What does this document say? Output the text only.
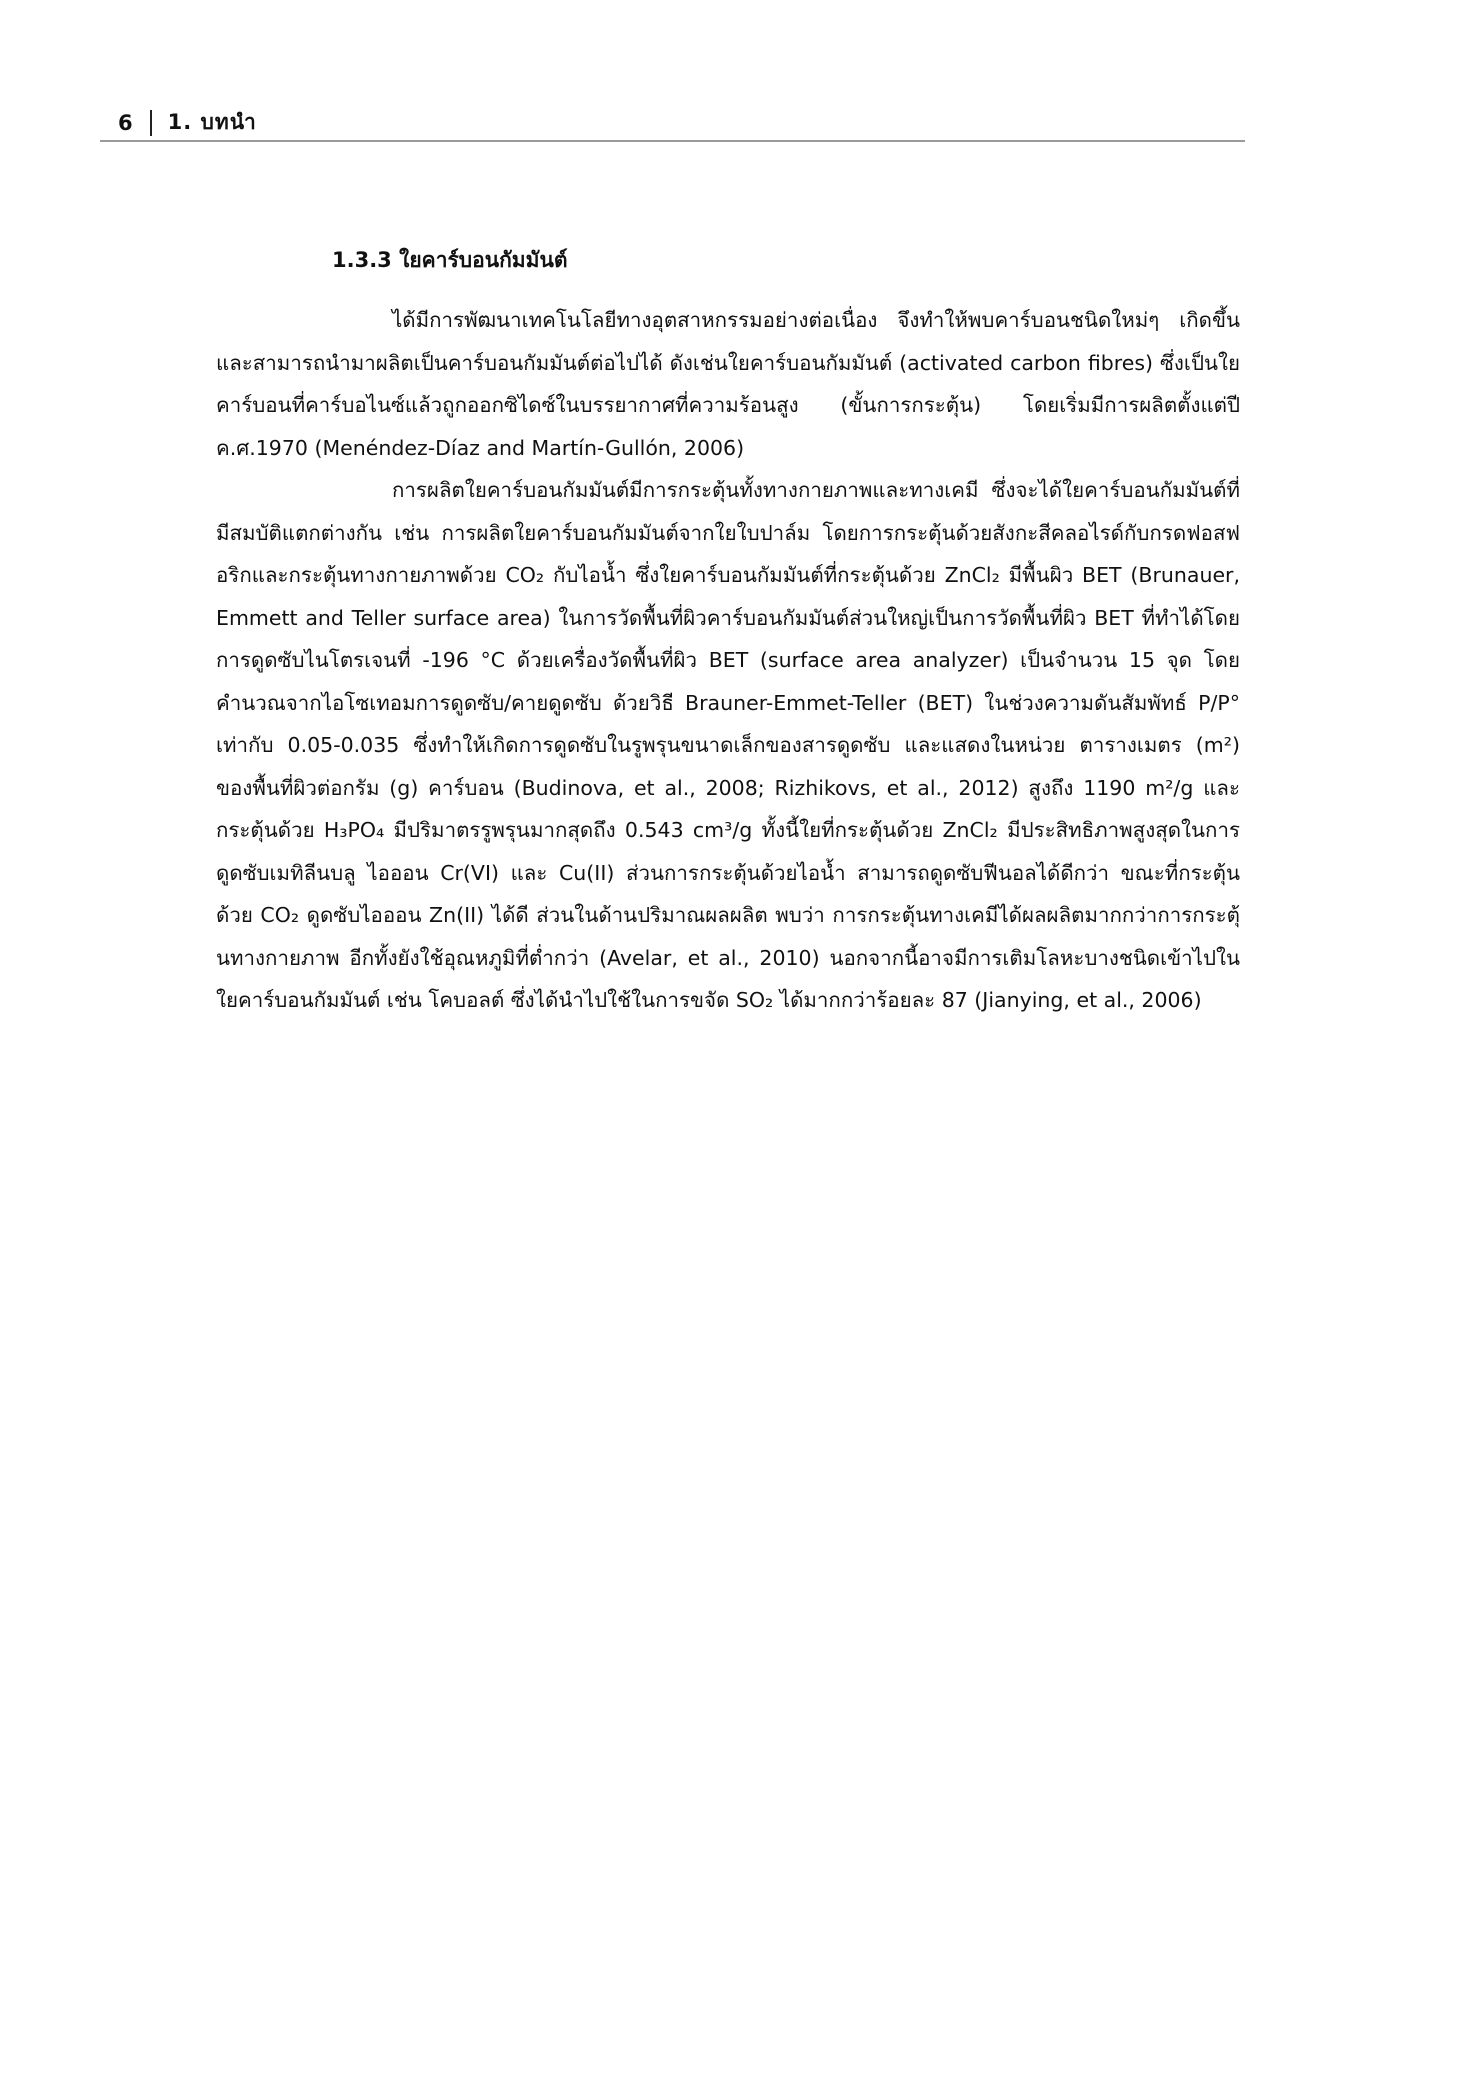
6 1. บทนำ
1.3.3 ใยคาร์บอนกัมมันต์

ได้มีการพัฒนาเทคโนโลยีทางอุตสาหกรรมอย่างต่อเนื่อง จึงทำให้พบคาร์บอนชนิดใหม่ๆ เกิดขึ้น และสามารถนำมาผลิตเป็นคาร์บอนกัมมันต์ต่อไปได้ ดังเช่นใยคาร์บอนกัมมันต์ (activated carbon fibres) ซึ่งเป็นใยคาร์บอนที่คาร์บอไนซ์แล้วถูกออกซิไดซ์ในบรรยากาศที่ความร้อนสูง (ขั้นการกระตุ้น) โดยเริ่มมีการผลิตตั้งแต่ปี ค.ศ.1970 (Menéndez-Díaz and Martín-Gullón, 2006)

การผลิตใยคาร์บอนกัมมันต์มีการกระตุ้นทั้งทางกายภาพและทางเคมี ซึ่งจะได้ใยคาร์บอนกัมมันต์ที่มีสมบัติแตกต่างกัน เช่น การผลิตใยคาร์บอนกัมมันต์จากใยใบปาล์ม โดยการกระตุ้นด้วยสังกะสีคลอไรด์กับกรดฟอสฟอริกและกระตุ้นทางกายภาพด้วย CO₂ กับไอน้ำ ซึ่งใยคาร์บอนกัมมันต์ที่กระตุ้นด้วย ZnCl₂ มีพื้นผิว BET (Brunauer, Emmett and Teller surface area) ในการวัดพื้นที่ผิวคาร์บอนกัมมันต์ส่วนใหญ่เป็นการวัดพื้นที่ผิว BET ที่ทำได้โดยการดูดซับไนโตรเจนที่ -196 °C ด้วยเครื่องวัดพื้นที่ผิว BET (surface area analyzer) เป็นจำนวน 15 จุด โดยคำนวณจากไอโซเทอมการดูดซับ/คายดูดซับ ด้วยวิธี Brauner-Emmet-Teller (BET) ในช่วงความดันสัมพัทธ์ P/P° เท่ากับ 0.05-0.035 ซึ่งทำให้เกิดการดูดซับในรูพรุนขนาดเล็กของสารดูดซับ และแสดงในหน่วย ตารางเมตร (m²) ของพื้นที่ผิวต่อกรัม (g) คาร์บอน (Budinova, et al., 2008; Rizhikovs, et al., 2012) สูงถึง 1190 m²/g และกระตุ้นด้วย H₃PO₄ มีปริมาตรรูพรุนมากสุดถึง 0.543 cm³/g ทั้งนี้ใยที่กระตุ้นด้วย ZnCl₂ มีประสิทธิภาพสูงสุดในการดูดซับเมทิลีนบลู ไอออน Cr(VI) และ Cu(II) ส่วนการกระตุ้นด้วยไอน้ำ สามารถดูดซับฟีนอลได้ดีกว่า ขณะที่กระตุ้นด้วย CO₂ ดูดซับไอออน Zn(II) ได้ดี ส่วนในด้านปริมาณผลผลิต พบว่า การกระตุ้นทางเคมีได้ผลผลิตมากกว่าการกระตุ้นทางกายภาพ อีกทั้งยังใช้อุณหภูมิที่ต่ำกว่า (Avelar, et al., 2010) นอกจากนี้อาจมีการเติมโลหะบางชนิดเข้าไปในใยคาร์บอนกัมมันต์ เช่น โคบอลต์ ซึ่งได้นำไปใช้ในการขจัด SO₂ ได้มากกว่าร้อยละ 87 (Jianying, et al., 2006)
